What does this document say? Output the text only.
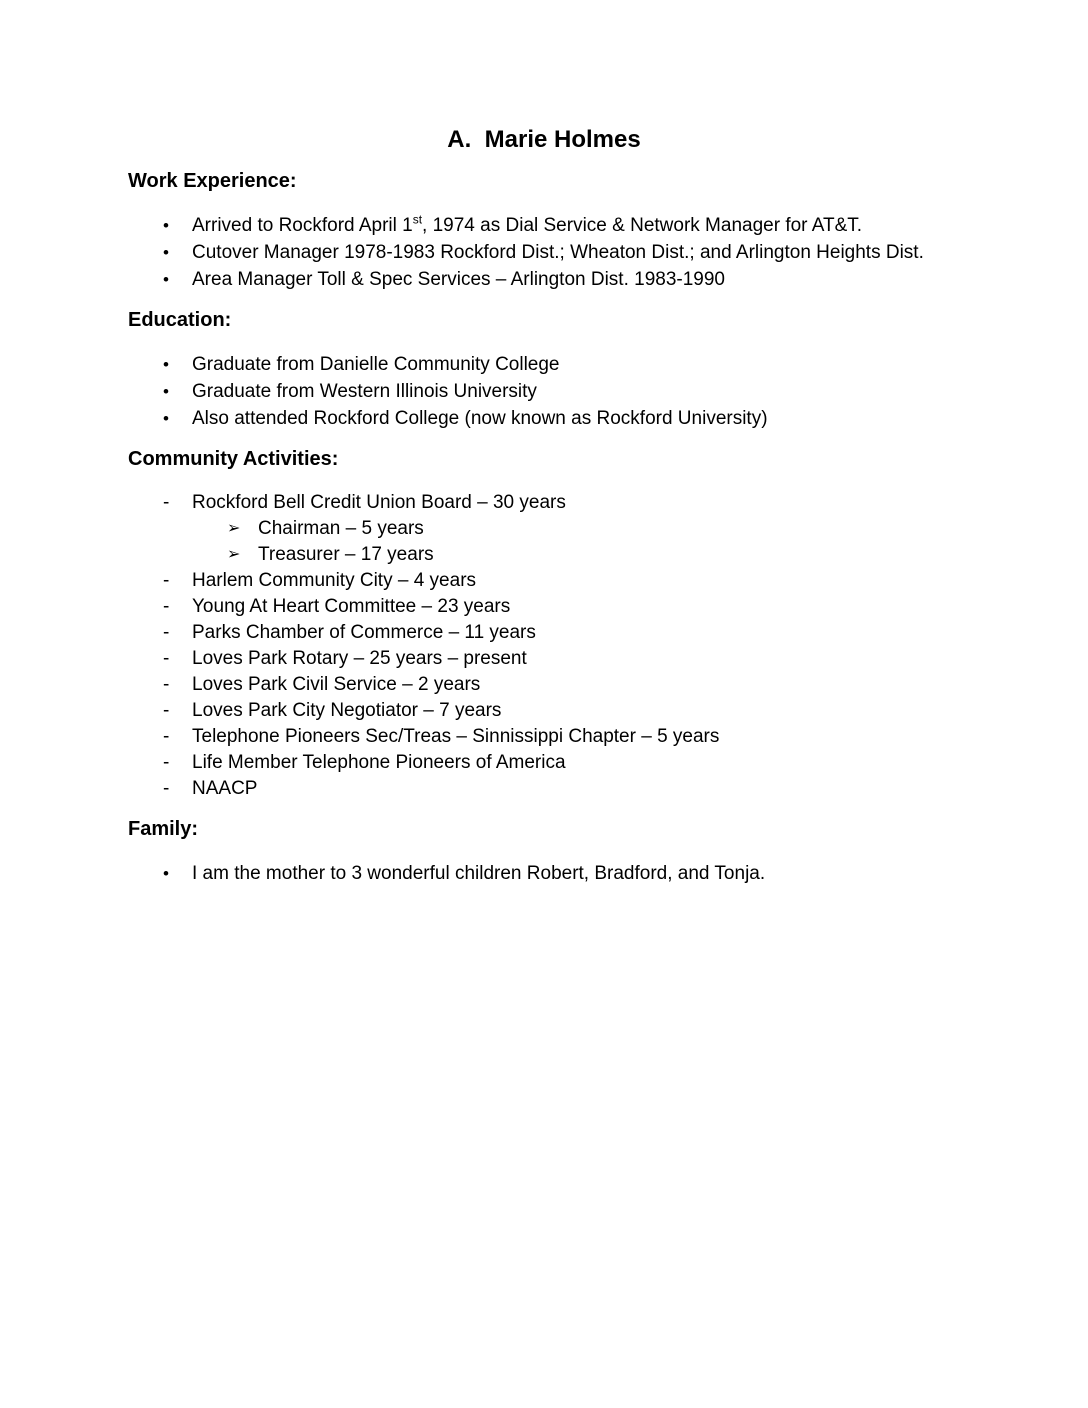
A.  Marie Holmes
Work Experience:
• Arrived to Rockford April 1st, 1974 as Dial Service & Network Manager for AT&T.
• Cutover Manager 1978-1983 Rockford Dist.; Wheaton Dist.; and Arlington Heights Dist.
• Area Manager Toll & Spec Services – Arlington Dist. 1983-1990
Education:
• Graduate from Danielle Community College
• Graduate from Western Illinois University
• Also attended Rockford College (now known as Rockford University)
Community Activities:
- Rockford Bell Credit Union Board – 30 years
➢ Chairman – 5 years
➢ Treasurer – 17 years
- Harlem Community City – 4 years
- Young At Heart Committee – 23 years
- Parks Chamber of Commerce – 11 years
- Loves Park Rotary – 25 years – present
- Loves Park Civil Service – 2 years
- Loves Park City Negotiator – 7 years
- Telephone Pioneers Sec/Treas – Sinnissippi Chapter – 5 years
- Life Member Telephone Pioneers of America
- NAACP
Family:
• I am the mother to 3 wonderful children Robert, Bradford, and Tonja.
